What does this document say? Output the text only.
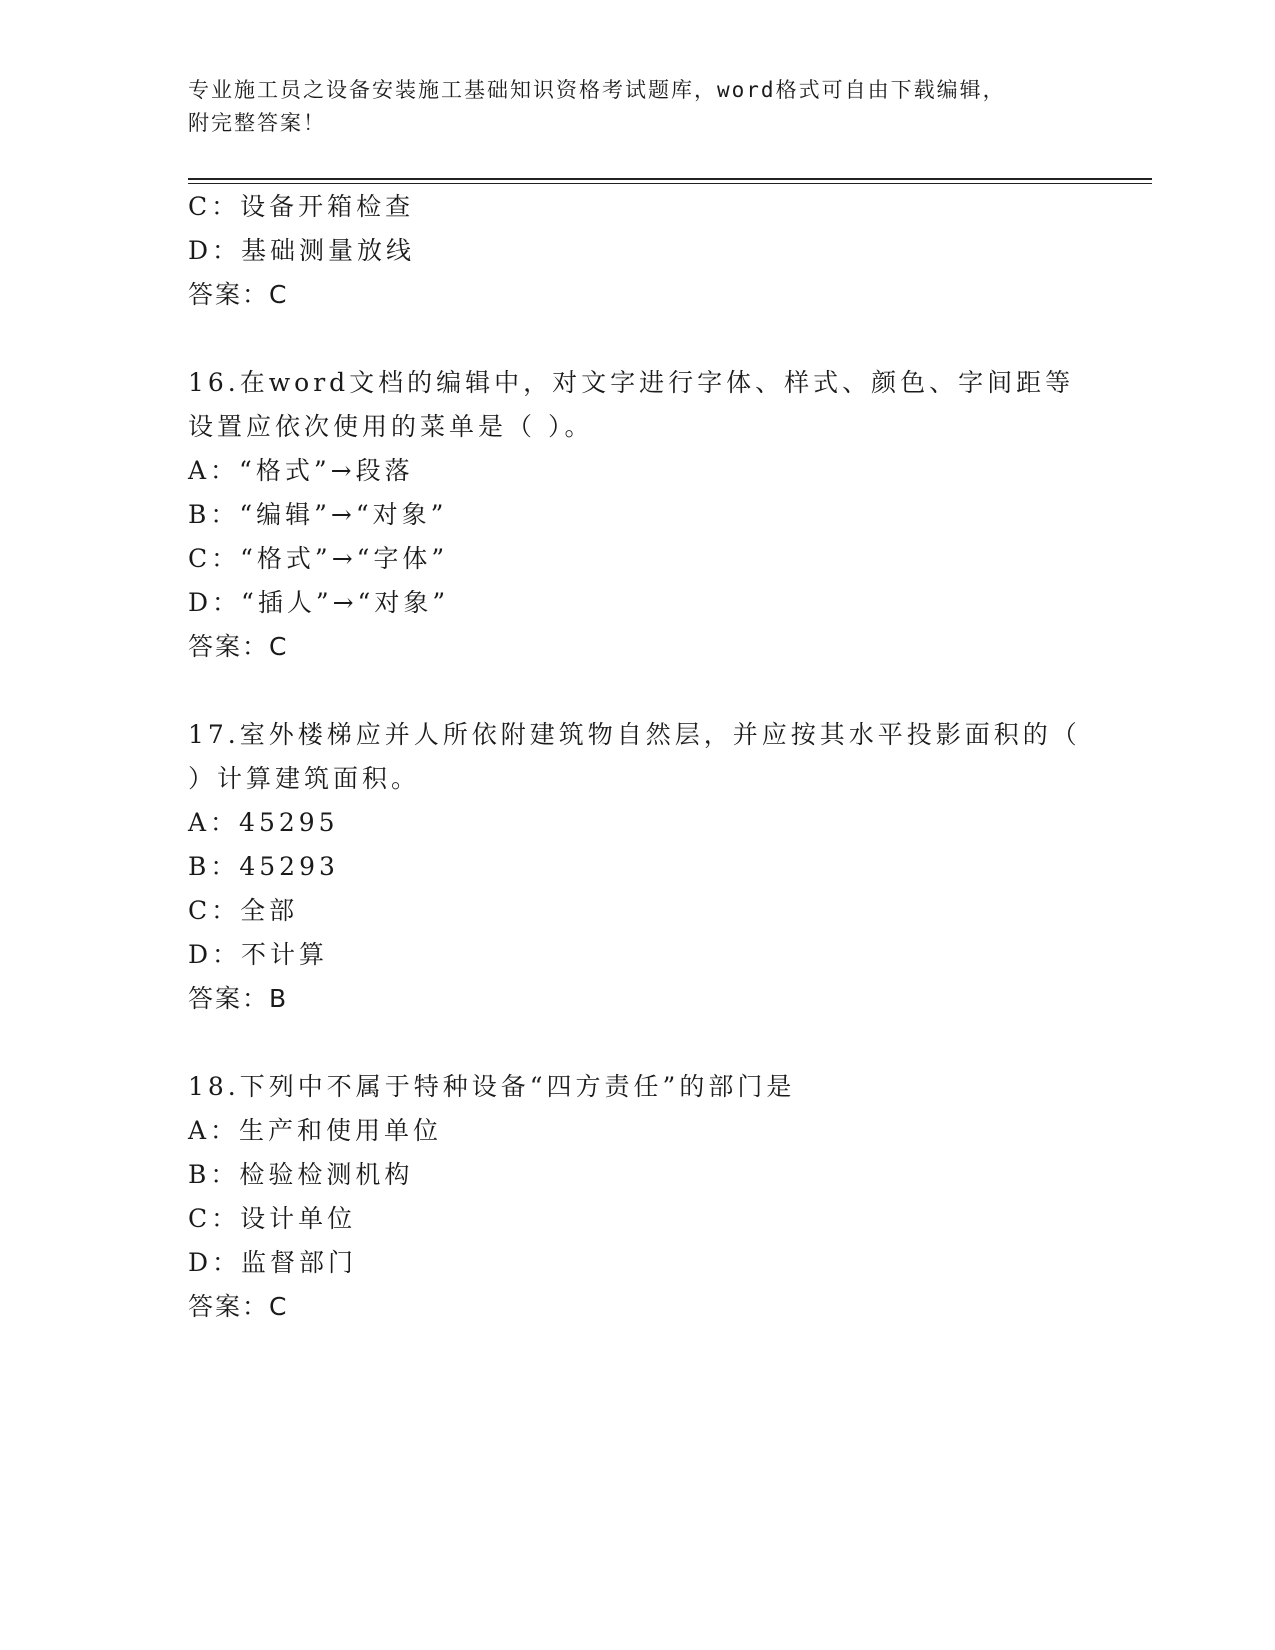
专业施工员之设备安装施工基础知识资格考试题库，word格式可自由下载编辑，
附完整答案！
C：设备开箱检查
D：基础测量放线
答案：C
16.在word文档的编辑中，对文字进行字体、样式、颜色、字间距等
设置应依次使用的菜单是（ ）。
A：“格式”→段落
B：“编辑”→“对象”
C：“格式”→“字体”
D：“插人”→“对象”
答案：C
17.室外楼梯应并人所依附建筑物自然层，并应按其水平投影面积的（
）计算建筑面积。
A：45295
B：45293
C：全部
D：不计算
答案：B
18.下列中不属于特种设备“四方责任”的部门是
A：生产和使用单位
B：检验检测机构
C：设计单位
D：监督部门
答案：C
